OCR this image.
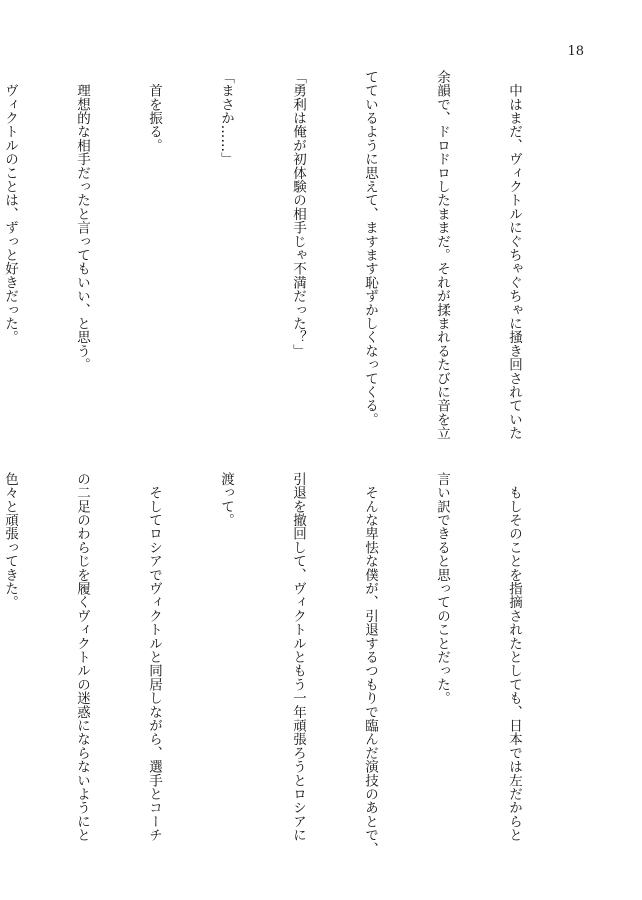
18

　中はまだ、ヴィクトルにぐちゃぐちゃに掻き回されていた

余韻で、ドロドロしたままだ。それが揉まれるたびに音を立

てているように思えて、ますます恥ずかしくなってくる。

「勇利は俺が初体験の相手じゃ不満だった？」

「まさか……」

　首を振る。

　理想的な相手だったと言ってもいい、と思う。

　ヴィクトルのことは、ずっと好きだった。

　もしそのことを指摘されたとしても、日本では左だからと

言い訳できると思ってのことだった。

　そんな卑怯な僕が、引退するつもりで臨んだ演技のあとで、

引退を撤回して、ヴィクトルともう一年頑張ろうとロシアに

渡って。

　そしてロシアでヴィクトルと同居しながら、選手とコーチ

の二足のわらじを履くヴィクトルの迷惑にならないようにと

色々と頑張ってきた。
